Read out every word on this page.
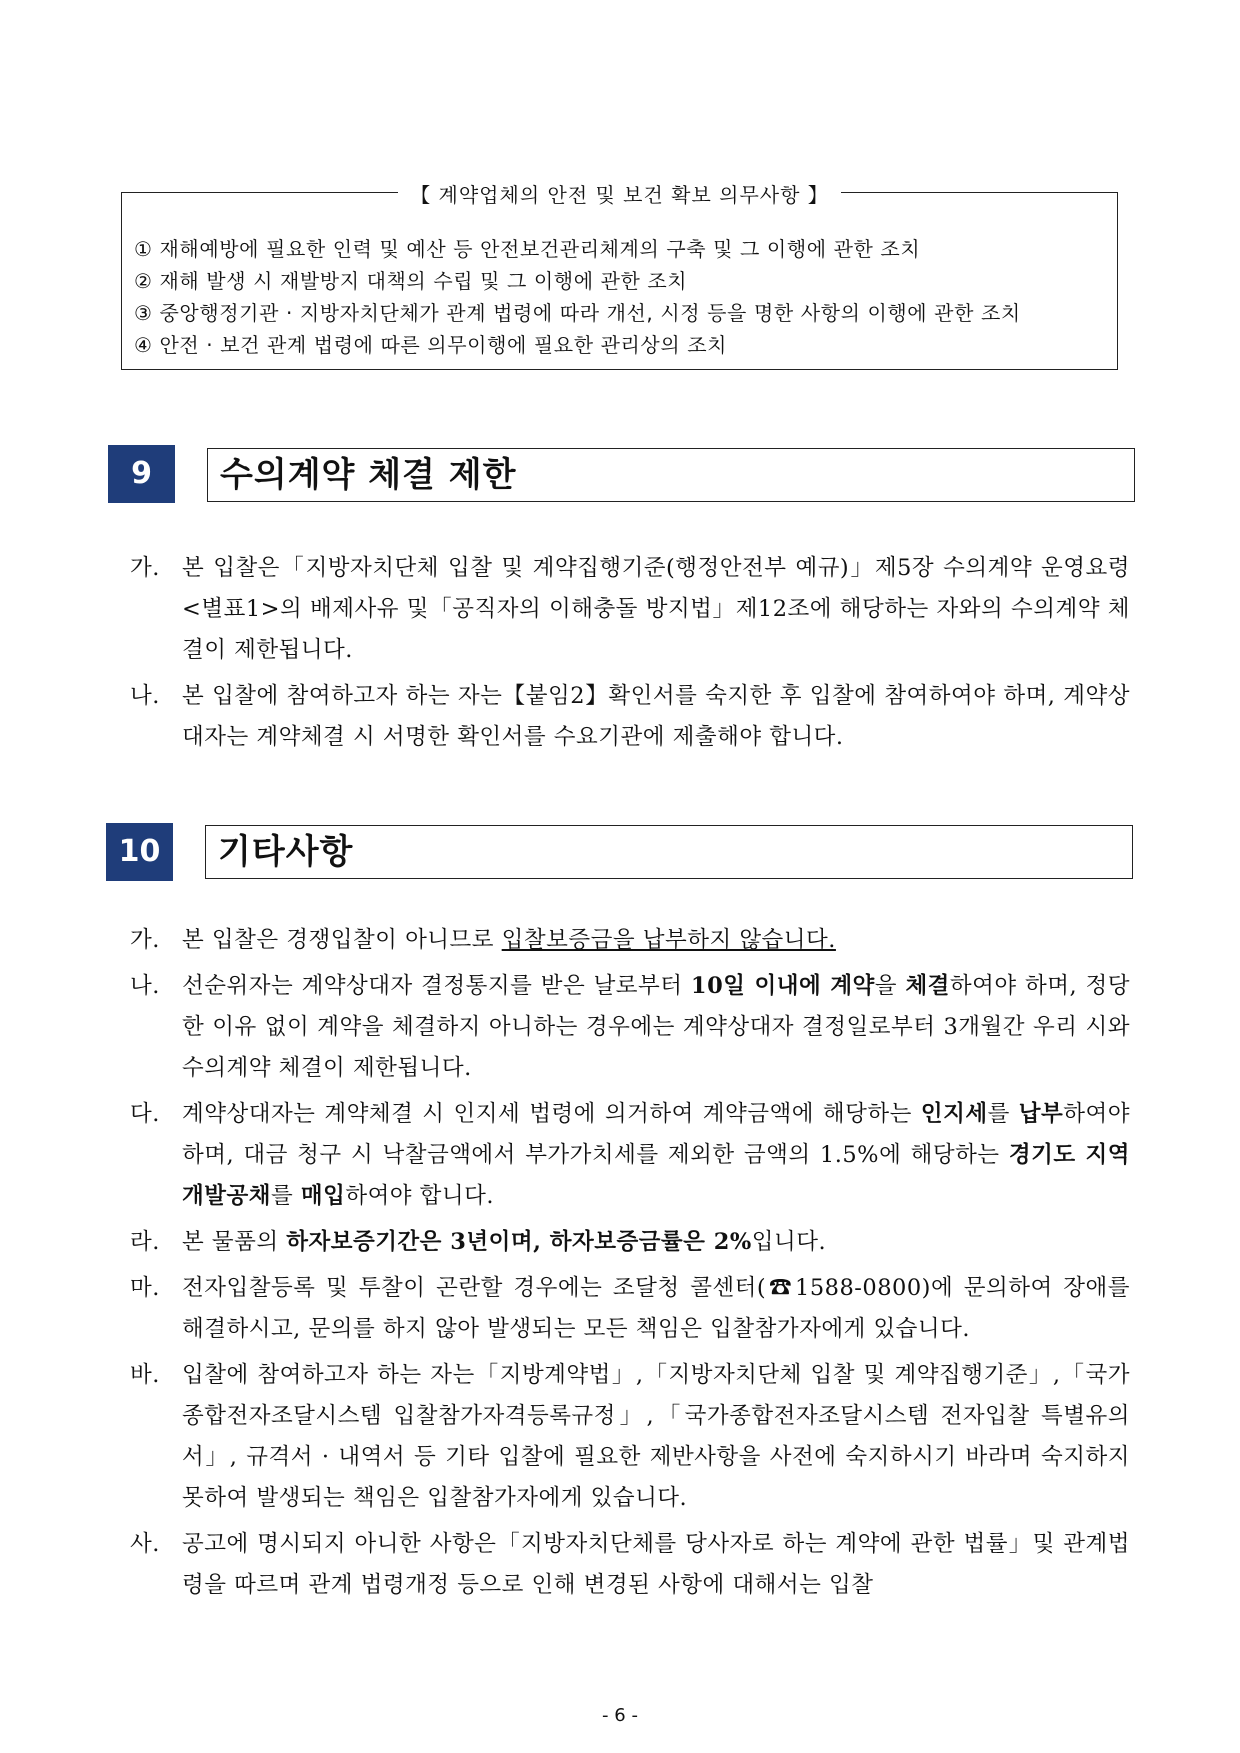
【 계약업체의 안전 및 보건 확보 의무사항 】
① 재해예방에 필요한 인력 및 예산 등 안전보건관리체계의 구축 및 그 이행에 관한 조치
② 재해 발생 시 재발방지 대책의 수립 및 그 이행에 관한 조치
③ 중앙행정기관 · 지방자치단체가 관계 법령에 따라 개선, 시정 등을 명한 사항의 이행에 관한 조치
④ 안전 · 보건 관계 법령에 따른 의무이행에 필요한 관리상의 조치
9	수의계약 체결 제한
가. 본 입찰은「지방자치단체 입찰 및 계약집행기준(행정안전부 예규)」제5장 수의계약 운영요령 <별표1>의 배제사유 및「공직자의 이해충돌 방지법」제12조에 해당하는 자와의 수의계약 체결이 제한됩니다.
나. 본 입찰에 참여하고자 하는 자는【붙임2】확인서를 숙지한 후 입찰에 참여하여야 하며, 계약상대자는 계약체결 시 서명한 확인서를 수요기관에 제출해야 합니다.
10	기타사항
가. 본 입찰은 경쟁입찰이 아니므로 입찰보증금을 납부하지 않습니다.
나. 선순위자는 계약상대자 결정통지를 받은 날로부터 10일 이내에 계약을 체결하여야 하며, 정당한 이유 없이 계약을 체결하지 아니하는 경우에는 계약상대자 결정일로부터 3개월간 우리 시와 수의계약 체결이 제한됩니다.
다. 계약상대자는 계약체결 시 인지세 법령에 의거하여 계약금액에 해당하는 인지세를 납부하여야 하며, 대금 청구 시 낙찰금액에서 부가가치세를 제외한 금액의 1.5%에 해당하는 경기도 지역개발공채를 매입하여야 합니다.
라. 본 물품의 하자보증기간은 3년이며, 하자보증금률은 2%입니다.
마. 전자입찰등록 및 투찰이 곤란할 경우에는 조달청 콜센터(☎1588-0800)에 문의하여 장애를 해결하시고, 문의를 하지 않아 발생되는 모든 책임은 입찰참가자에게 있습니다.
바. 입찰에 참여하고자 하는 자는「지방계약법」,「지방자치단체 입찰 및 계약집행기준」,「국가종합전자조달시스템 입찰참가자격등록규정」,「국가종합전자조달시스템 전자입찰 특별유의서」, 규격서 · 내역서 등 기타 입찰에 필요한 제반사항을 사전에 숙지하시기 바라며 숙지하지 못하여 발생되는 책임은 입찰참가자에게 있습니다.
사. 공고에 명시되지 아니한 사항은「지방자치단체를 당사자로 하는 계약에 관한 법률」및 관계법령을 따르며 관계 법령개정 등으로 인해 변경된 사항에 대해서는 입찰
- 6 -
